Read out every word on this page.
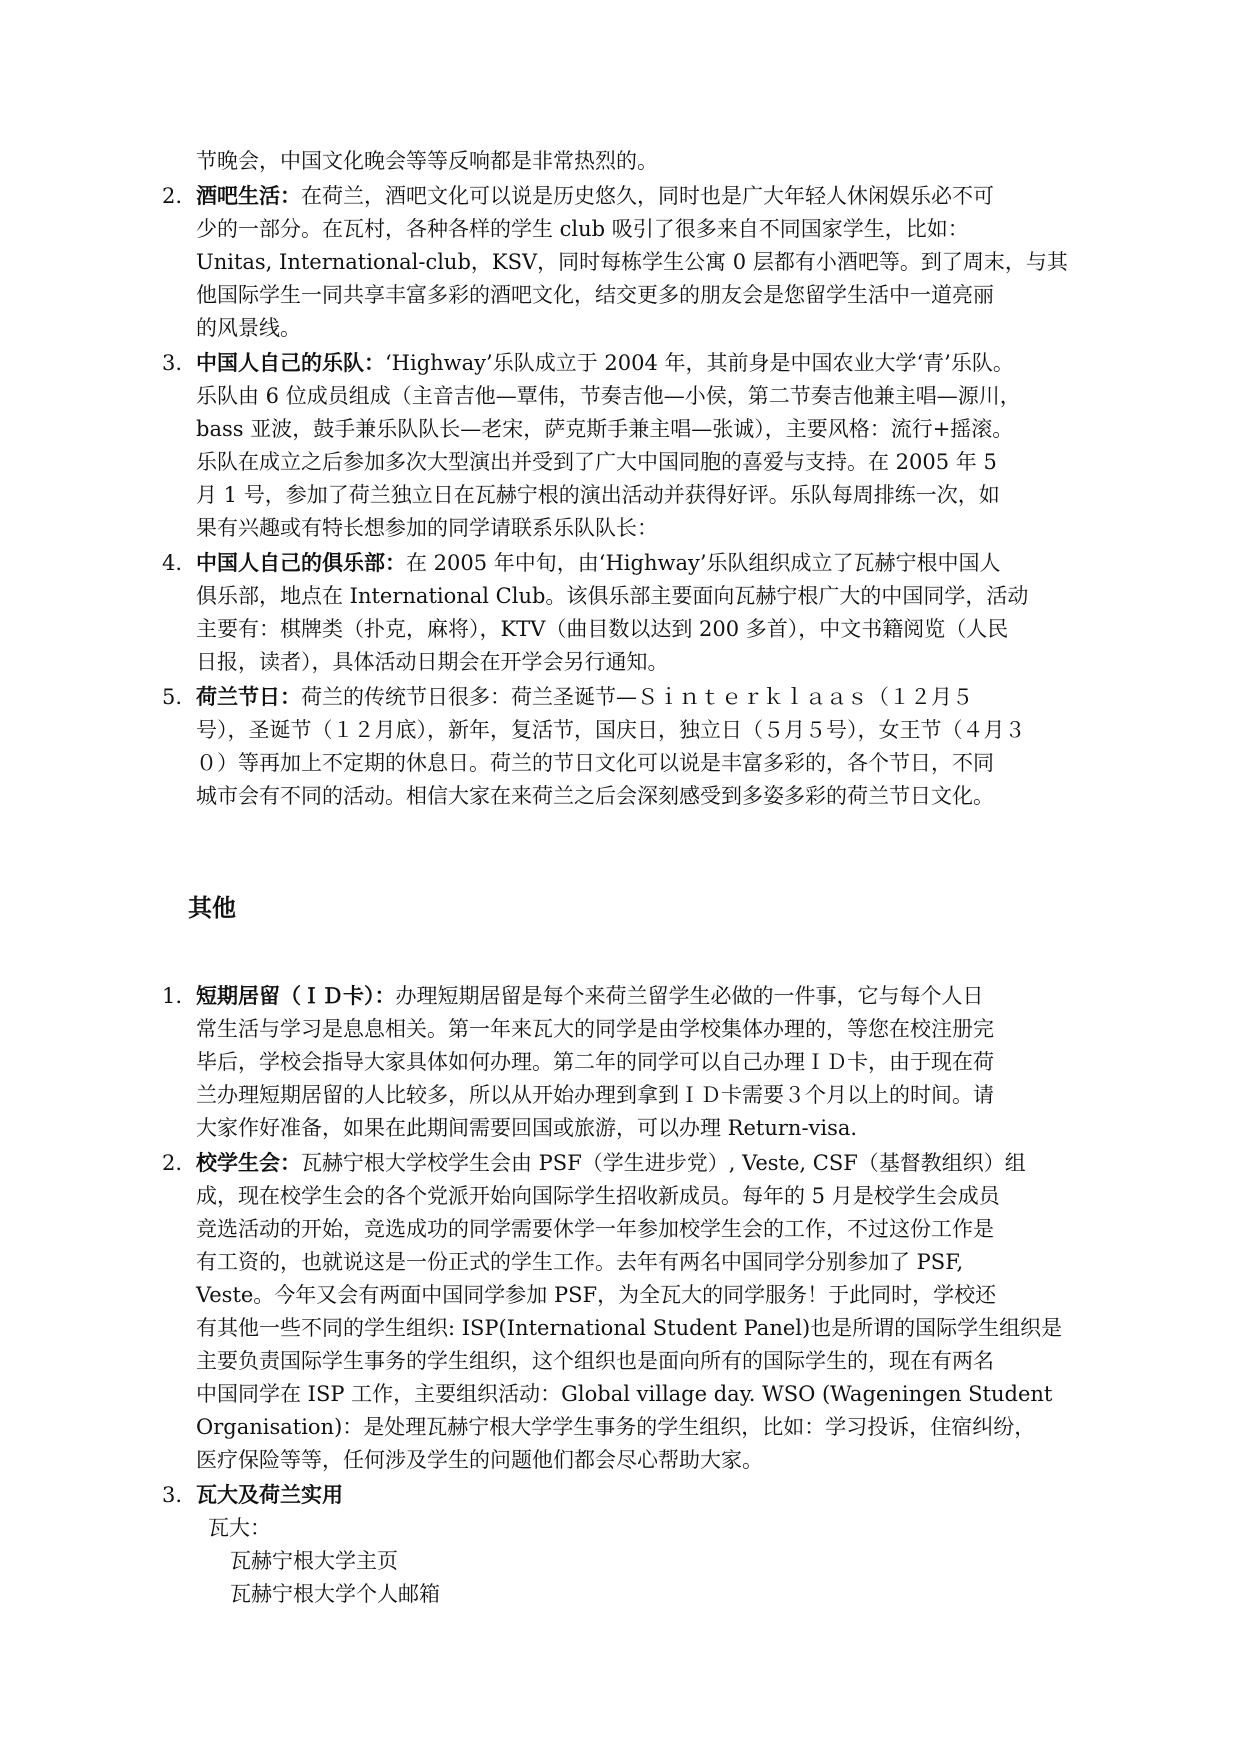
节晚会，中国文化晚会等等反响都是非常热烈的。
2. 酒吧生活：在荷兰，酒吧文化可以说是历史悠久，同时也是广大年轻人休闲娱乐必不可
少的一部分。在瓦村，各种各样的学生 club 吸引了很多来自不同国家学生，比如：
Unitas, International-club，KSV，同时每栋学生公寓 0 层都有小酒吧等。到了周末，与其
他国际学生一同共享丰富多彩的酒吧文化，结交更多的朋友会是您留学生活中一道亮丽
的风景线。
3. 中国人自己的乐队：‘Highway’乐队成立于 2004 年，其前身是中国农业大学‘青’乐队。
乐队由 6 位成员组成（主音吉他—覃伟，节奏吉他—小侯，第二节奏吉他兼主唱—源川，
bass 亚波，鼓手兼乐队队长—老宋，萨克斯手兼主唱—张诚），主要风格：流行+摇滚。
乐队在成立之后参加多次大型演出并受到了广大中国同胞的喜爱与支持。在 2005 年 5
月 1 号，参加了荷兰独立日在瓦赫宁根的演出活动并获得好评。乐队每周排练一次，如
果有兴趣或有特长想参加的同学请联系乐队队长：
4. 中国人自己的俱乐部：在 2005 年中旬，由‘Highway’乐队组织成立了瓦赫宁根中国人
俱乐部，地点在 International Club。该俱乐部主要面向瓦赫宁根广大的中国同学，活动
主要有：棋牌类（扑克，麻将），KTV（曲目数以达到 200 多首），中文书籍阅览（人民
日报，读者），具体活动日期会在开学会另行通知。
5. 荷兰节日：荷兰的传统节日很多：荷兰圣诞节—Ｓｉｎｔｅｒｋｌａａｓ（１２月５
号），圣诞节（１２月底），新年，复活节，国庆日，独立日（５月５号），女王节（４月３
０）等再加上不定期的休息日。荷兰的节日文化可以说是丰富多彩的，各个节日，不同
城市会有不同的活动。相信大家在来荷兰之后会深刻感受到多姿多彩的荷兰节日文化。
其他
1. 短期居留（ＩＤ卡）：办理短期居留是每个来荷兰留学生必做的一件事，它与每个人日
常生活与学习是息息相关。第一年来瓦大的同学是由学校集体办理的，等您在校注册完
毕后，学校会指导大家具体如何办理。第二年的同学可以自己办理ＩＤ卡，由于现在荷
兰办理短期居留的人比较多，所以从开始办理到拿到ＩＤ卡需要３个月以上的时间。请
大家作好准备，如果在此期间需要回国或旅游，可以办理 Return-visa.
2. 校学生会：瓦赫宁根大学校学生会由 PSF（学生进步党）, Veste, CSF（基督教组织）组
成，现在校学生会的各个党派开始向国际学生招收新成员。每年的 5 月是校学生会成员
竞选活动的开始，竞选成功的同学需要休学一年参加校学生会的工作，不过这份工作是
有工资的，也就说这是一份正式的学生工作。去年有两名中国同学分别参加了 PSF,
Veste。今年又会有两面中国同学参加 PSF，为全瓦大的同学服务！于此同时，学校还
有其他一些不同的学生组织: ISP(International Student Panel)也是所谓的国际学生组织是
主要负责国际学生事务的学生组织，这个组织也是面向所有的国际学生的，现在有两名
中国同学在 ISP 工作，主要组织活动：Global village day. WSO (Wageningen Student
Organisation)：是处理瓦赫宁根大学学生事务的学生组织，比如：学习投诉，住宿纠纷，
医疗保险等等，任何涉及学生的问题他们都会尽心帮助大家。
3. 瓦大及荷兰实用
瓦大：
瓦赫宁根大学主页
瓦赫宁根大学个人邮箱
